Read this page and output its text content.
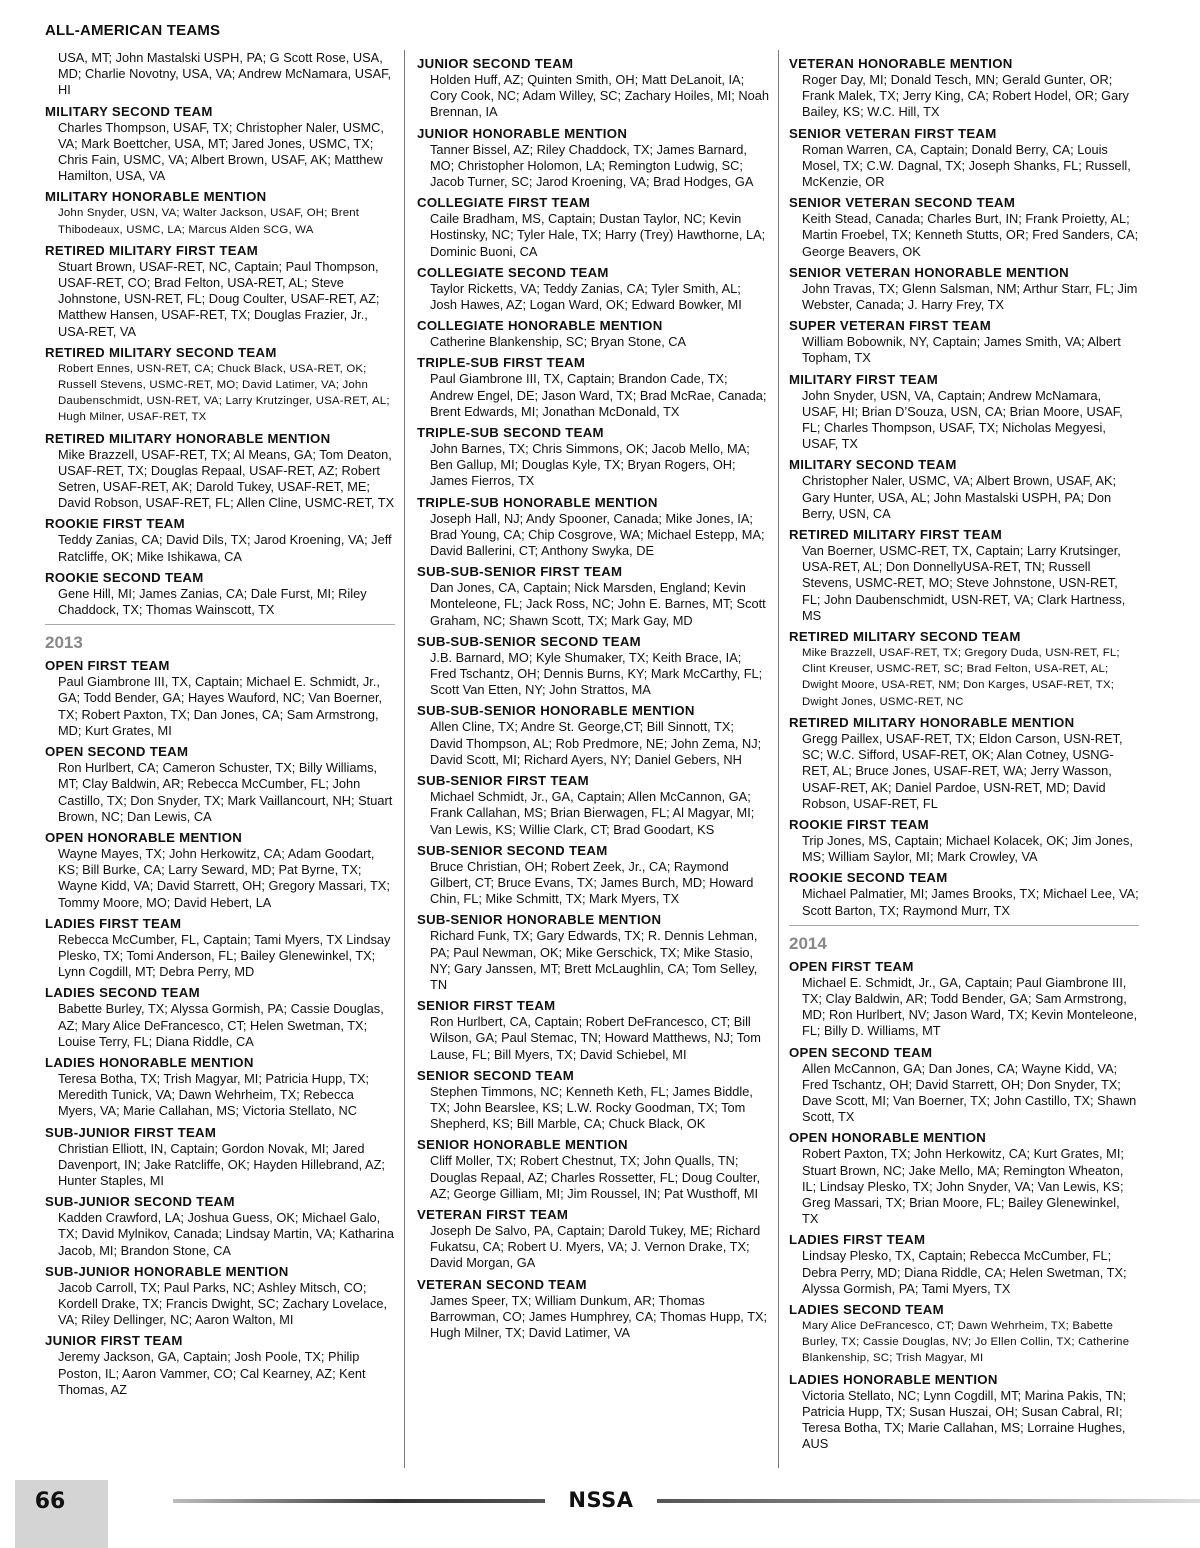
ALL-AMERICAN TEAMS
USA, MT; John Mastalski USPH, PA; G Scott Rose, USA, MD; Charlie Novotny, USA, VA; Andrew McNamara, USAF, HI
MILITARY SECOND TEAM
Charles Thompson, USAF, TX; Christopher Naler, USMC, VA; Mark Boettcher, USA, MT; Jared Jones, USMC, TX; Chris Fain, USMC, VA; Albert Brown, USAF, AK; Matthew Hamilton, USA, VA
MILITARY HONORABLE MENTION
John Snyder, USN, VA; Walter Jackson, USAF, OH; Brent Thibodeaux, USMC, LA; Marcus Alden SCG, WA
RETIRED MILITARY FIRST TEAM
Stuart Brown, USAF-RET, NC, Captain; Paul Thompson, USAF-RET, CO; Brad Felton, USA-RET, AL; Steve Johnstone, USN-RET, FL; Doug Coulter, USAF-RET, AZ; Matthew Hansen, USAF-RET, TX; Douglas Frazier, Jr., USA-RET, VA
RETIRED MILITARY SECOND TEAM
Robert Ennes, USN-RET, CA; Chuck Black, USA-RET, OK; Russell Stevens, USMC-RET, MO; David Latimer, VA; John Daubenschmidt, USN-RET, VA; Larry Krutzinger, USA-RET, AL; Hugh Milner, USAF-RET, TX
RETIRED MILITARY HONORABLE MENTION
Mike Brazzell, USAF-RET, TX; Al Means, GA; Tom Deaton, USAF-RET, TX; Douglas Repaal, USAF-RET, AZ; Robert Setren, USAF-RET, AK; Darold Tukey, USAF-RET, ME; David Robson, USAF-RET, FL; Allen Cline, USMC-RET, TX
ROOKIE FIRST TEAM
Teddy Zanias, CA; David Dils, TX; Jarod Kroening, VA; Jeff Ratcliffe, OK; Mike Ishikawa, CA
ROOKIE SECOND TEAM
Gene Hill, MI; James Zanias, CA; Dale Furst, MI; Riley Chaddock, TX; Thomas Wainscott, TX
2013
OPEN FIRST TEAM
Paul Giambrone III, TX, Captain; Michael E. Schmidt, Jr., GA; Todd Bender, GA; Hayes Wauford, NC; Van Boerner, TX; Robert Paxton, TX; Dan Jones, CA; Sam Armstrong, MD; Kurt Grates, MI
OPEN SECOND TEAM
Ron Hurlbert, CA; Cameron Schuster, TX; Billy Williams, MT; Clay Baldwin, AR; Rebecca McCumber, FL; John Castillo, TX; Don Snyder, TX; Mark Vaillancourt, NH; Stuart Brown, NC; Dan Lewis, CA
OPEN HONORABLE MENTION
Wayne Mayes, TX; John Herkowitz, CA; Adam Goodart, KS; Bill Burke, CA; Larry Seward, MD; Pat Byrne, TX; Wayne Kidd, VA; David Starrett, OH; Gregory Massari, TX; Tommy Moore, MO; David Hebert, LA
LADIES FIRST TEAM
Rebecca McCumber, FL, Captain; Tami Myers, TX Lindsay Plesko, TX; Tomi Anderson, FL; Bailey Glenewinkel, TX; Lynn Cogdill, MT; Debra Perry, MD
LADIES SECOND TEAM
Babette Burley, TX; Alyssa Gormish, PA; Cassie Douglas, AZ; Mary Alice DeFrancesco, CT; Helen Swetman, TX; Louise Terry, FL; Diana Riddle, CA
LADIES HONORABLE MENTION
Teresa Botha, TX; Trish Magyar, MI; Patricia Hupp, TX; Meredith Tunick, VA; Dawn Wehrheim, TX; Rebecca Myers, VA; Marie Callahan, MS; Victoria Stellato, NC
SUB-JUNIOR FIRST TEAM
Christian Elliott, IN, Captain; Gordon Novak, MI; Jared Davenport, IN; Jake Ratcliffe, OK; Hayden Hillebrand, AZ; Hunter Staples, MI
SUB-JUNIOR SECOND TEAM
Kadden Crawford, LA; Joshua Guess, OK; Michael Galo, TX; David Mylnikov, Canada; Lindsay Martin, VA; Katharina Jacob, MI; Brandon Stone, CA
SUB-JUNIOR HONORABLE MENTION
Jacob Carroll, TX; Paul Parks, NC; Ashley Mitsch, CO; Kordell Drake, TX; Francis Dwight, SC; Zachary Lovelace, VA; Riley Dellinger, NC; Aaron Walton, MI
JUNIOR FIRST TEAM
Jeremy Jackson, GA, Captain; Josh Poole, TX; Philip Poston, IL; Aaron Vammer, CO; Cal Kearney, AZ; Kent Thomas, AZ
JUNIOR SECOND TEAM
Holden Huff, AZ; Quinten Smith, OH; Matt DeLanoit, IA; Cory Cook, NC; Adam Willey, SC; Zachary Hoiles, MI; Noah Brennan, IA
JUNIOR HONORABLE MENTION
Tanner Bissel, AZ; Riley Chaddock, TX; James Barnard, MO; Christopher Holomon, LA; Remington Ludwig, SC; Jacob Turner, SC; Jarod Kroening, VA; Brad Hodges, GA
COLLEGIATE FIRST TEAM
Caile Bradham, MS, Captain; Dustan Taylor, NC; Kevin Hostinsky, NC; Tyler Hale, TX; Harry (Trey) Hawthorne, LA; Dominic Buoni, CA
COLLEGIATE SECOND TEAM
Taylor Ricketts, VA; Teddy Zanias, CA; Tyler Smith, AL; Josh Hawes, AZ; Logan Ward, OK; Edward Bowker, MI
COLLEGIATE HONORABLE MENTION
Catherine Blankenship, SC; Bryan Stone, CA
TRIPLE-SUB FIRST TEAM
Paul Giambrone III, TX, Captain; Brandon Cade, TX; Andrew Engel, DE; Jason Ward, TX; Brad McRae, Canada; Brent Edwards, MI; Jonathan McDonald, TX
TRIPLE-SUB SECOND TEAM
John Barnes, TX; Chris Simmons, OK; Jacob Mello, MA; Ben Gallup, MI; Douglas Kyle, TX; Bryan Rogers, OH; James Fierros, TX
TRIPLE-SUB HONORABLE MENTION
Joseph Hall, NJ; Andy Spooner, Canada; Mike Jones, IA; Brad Young, CA; Chip Cosgrove, WA; Michael Estepp, MA; David Ballerini, CT; Anthony Swyka, DE
SUB-SUB-SENIOR FIRST TEAM
Dan Jones, CA, Captain; Nick Marsden, England; Kevin Monteleone, FL; Jack Ross, NC; John E. Barnes, MT; Scott Graham, NC; Shawn Scott, TX; Mark Gay, MD
SUB-SUB-SENIOR SECOND TEAM
J.B. Barnard, MO; Kyle Shumaker, TX; Keith Brace, IA; Fred Tschantz, OH; Dennis Burns, KY; Mark McCarthy, FL; Scott Van Etten, NY; John Strattos, MA
SUB-SUB-SENIOR HONORABLE MENTION
Allen Cline, TX; Andre St. George,CT; Bill Sinnott, TX; David Thompson, AL; Rob Predmore, NE; John Zema, NJ; David Scott, MI; Richard Ayers, NY; Daniel Gebers, NH
SUB-SENIOR FIRST TEAM
Michael Schmidt, Jr., GA, Captain; Allen McCannon, GA; Frank Callahan, MS; Brian Bierwagen, FL; Al Magyar, MI; Van Lewis, KS; Willie Clark, CT; Brad Goodart, KS
SUB-SENIOR SECOND TEAM
Bruce Christian, OH; Robert Zeek, Jr., CA; Raymond Gilbert, CT; Bruce Evans, TX; James Burch, MD; Howard Chin, FL; Mike Schmitt, TX; Mark Myers, TX
SUB-SENIOR HONORABLE MENTION
Richard Funk, TX; Gary Edwards, TX; R. Dennis Lehman, PA; Paul Newman, OK; Mike Gerschick, TX; Mike Stasio, NY; Gary Janssen, MT; Brett McLaughlin, CA; Tom Selley, TN
SENIOR FIRST TEAM
Ron Hurlbert, CA, Captain; Robert DeFrancesco, CT; Bill Wilson, GA; Paul Stemac, TN; Howard Matthews, NJ; Tom Lause, FL; Bill Myers, TX; David Schiebel, MI
SENIOR SECOND TEAM
Stephen Timmons, NC; Kenneth Keth, FL; James Biddle, TX; John Bearslee, KS; L.W. Rocky Goodman, TX; Tom Shepherd, KS; Bill Marble, CA; Chuck Black, OK
SENIOR HONORABLE MENTION
Cliff Moller, TX; Robert Chestnut, TX; John Qualls, TN; Douglas Repaal, AZ; Charles Rossetter, FL; Doug Coulter, AZ; George Gilliam, MI; Jim Roussel, IN; Pat Wusthoff, MI
VETERAN FIRST TEAM
Joseph De Salvo, PA, Captain; Darold Tukey, ME; Richard Fukatsu, CA; Robert U. Myers, VA; J. Vernon Drake, TX; David Morgan, GA
VETERAN SECOND TEAM
James Speer, TX; William Dunkum, AR; Thomas Barrowman, CO; James Humphrey, CA; Thomas Hupp, TX; Hugh Milner, TX; David Latimer, VA
VETERAN HONORABLE MENTION
Roger Day, MI; Donald Tesch, MN; Gerald Gunter, OR; Frank Malek, TX; Jerry King, CA; Robert Hodel, OR; Gary Bailey, KS; W.C. Hill, TX
SENIOR VETERAN FIRST TEAM
Roman Warren, CA, Captain; Donald Berry, CA; Louis Mosel, TX; C.W. Dagnal, TX; Joseph Shanks, FL; Russell, McKenzie, OR
SENIOR VETERAN SECOND TEAM
Keith Stead, Canada; Charles Burt, IN; Frank Proietty, AL; Martin Froebel, TX; Kenneth Stutts, OR; Fred Sanders, CA; George Beavers, OK
SENIOR VETERAN HONORABLE MENTION
John Travas, TX; Glenn Salsman, NM; Arthur Starr, FL; Jim Webster, Canada; J. Harry Frey, TX
SUPER VETERAN FIRST TEAM
William Bobownik, NY, Captain; James Smith, VA; Albert Topham, TX
MILITARY FIRST TEAM
John Snyder, USN, VA, Captain; Andrew McNamara, USAF, HI; Brian D’Souza, USN, CA; Brian Moore, USAF, FL; Charles Thompson, USAF, TX; Nicholas Megyesi, USAF, TX
MILITARY SECOND TEAM
Christopher Naler, USMC, VA; Albert Brown, USAF, AK; Gary Hunter, USA, AL; John Mastalski USPH, PA; Don Berry, USN, CA
RETIRED MILITARY FIRST TEAM
Van Boerner, USMC-RET, TX, Captain; Larry Krutsinger, USA-RET, AL; Don DonnellyUSA-RET, TN; Russell Stevens, USMC-RET, MO; Steve Johnstone, USN-RET, FL; John Daubenschmidt, USN-RET, VA; Clark Hartness, MS
RETIRED MILITARY SECOND TEAM
Mike Brazzell, USAF-RET, TX; Gregory Duda, USN-RET, FL; Clint Kreuser, USMC-RET, SC; Brad Felton, USA-RET, AL; Dwight Moore, USA-RET, NM; Don Karges, USAF-RET, TX; Dwight Jones, USMC-RET, NC
RETIRED MILITARY HONORABLE MENTION
Gregg Paillex, USAF-RET, TX; Eldon Carson, USN-RET, SC; W.C. Sifford, USAF-RET, OK; Alan Cotney, USNG-RET, AL; Bruce Jones, USAF-RET, WA; Jerry Wasson, USAF-RET, AK; Daniel Pardoe, USN-RET, MD; David Robson, USAF-RET, FL
ROOKIE FIRST TEAM
Trip Jones, MS, Captain; Michael Kolacek, OK; Jim Jones, MS; William Saylor, MI; Mark Crowley, VA
ROOKIE SECOND TEAM
Michael Palmatier, MI; James Brooks, TX; Michael Lee, VA; Scott Barton, TX; Raymond Murr, TX
2014
OPEN FIRST TEAM
Michael E. Schmidt, Jr., GA, Captain; Paul Giambrone III, TX; Clay Baldwin, AR; Todd Bender, GA; Sam Armstrong, MD; Ron Hurlbert, NV; Jason Ward, TX; Kevin Monteleone, FL; Billy D. Williams, MT
OPEN SECOND TEAM
Allen McCannon, GA; Dan Jones, CA; Wayne Kidd, VA; Fred Tschantz, OH; David Starrett, OH; Don Snyder, TX; Dave Scott, MI; Van Boerner, TX; John Castillo, TX; Shawn Scott, TX
OPEN HONORABLE MENTION
Robert Paxton, TX; John Herkowitz, CA; Kurt Grates, MI; Stuart Brown, NC; Jake Mello, MA; Remington Wheaton, IL; Lindsay Plesko, TX; John Snyder, VA; Van Lewis, KS; Greg Massari, TX; Brian Moore, FL; Bailey Glenewinkel, TX
LADIES FIRST TEAM
Lindsay Plesko, TX, Captain; Rebecca McCumber, FL; Debra Perry, MD; Diana Riddle, CA; Helen Swetman, TX; Alyssa Gormish, PA; Tami Myers, TX
LADIES SECOND TEAM
Mary Alice DeFrancesco, CT; Dawn Wehrheim, TX; Babette Burley, TX; Cassie Douglas, NV; Jo Ellen Collin, TX; Catherine Blankenship, SC; Trish Magyar, MI
LADIES HONORABLE MENTION
Victoria Stellato, NC; Lynn Cogdill, MT; Marina Pakis, TN; Patricia Hupp, TX; Susan Huszai, OH; Susan Cabral, RI; Teresa Botha, TX; Marie Callahan, MS; Lorraine Hughes, AUS
66	NSSA
